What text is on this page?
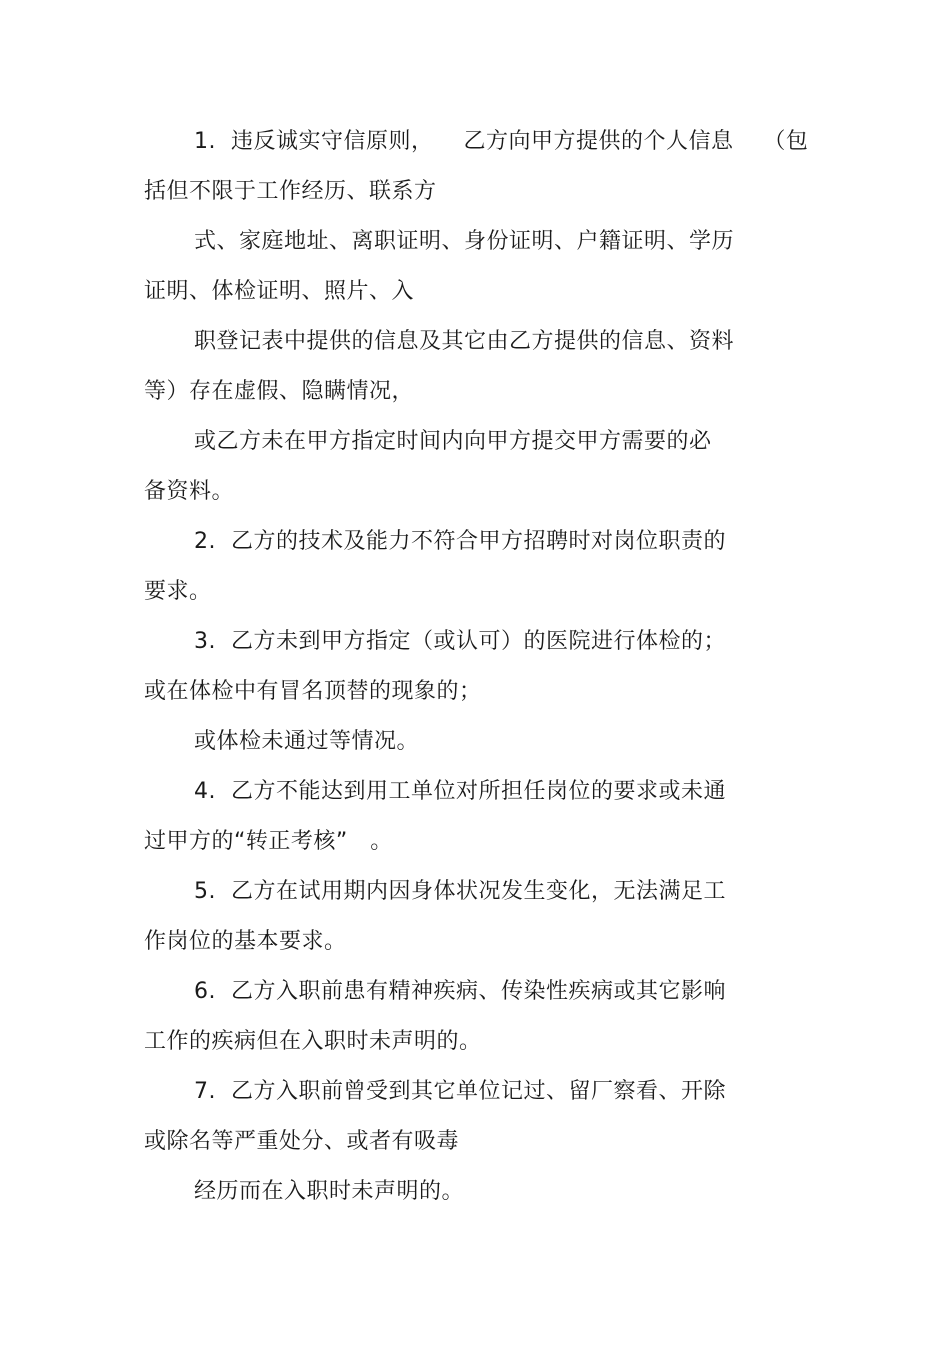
1.  违反诚实守信原则，    乙方向甲方提供的个人信息    （包
括但不限于工作经历、联系方
式、家庭地址、离职证明、身份证明、户籍证明、学历
证明、体检证明、照片、入
职登记表中提供的信息及其它由乙方提供的信息、资料
等）存在虚假、隐瞒情况，
或乙方未在甲方指定时间内向甲方提交甲方需要的必
备资料。
2.  乙方的技术及能力不符合甲方招聘时对岗位职责的
要求。
3.  乙方未到甲方指定（或认可）的医院进行体检的；
或在体检中有冒名顶替的现象的；
或体检未通过等情况。
4.  乙方不能达到用工单位对所担任岗位的要求或未通
过甲方的“转正考核”   。
5.  乙方在试用期内因身体状况发生变化，无法满足工
作岗位的基本要求。
6.  乙方入职前患有精神疾病、传染性疾病或其它影响
工作的疾病但在入职时未声明的。
7.  乙方入职前曾受到其它单位记过、留厂察看、开除
或除名等严重处分、或者有吸毒
经历而在入职时未声明的。
